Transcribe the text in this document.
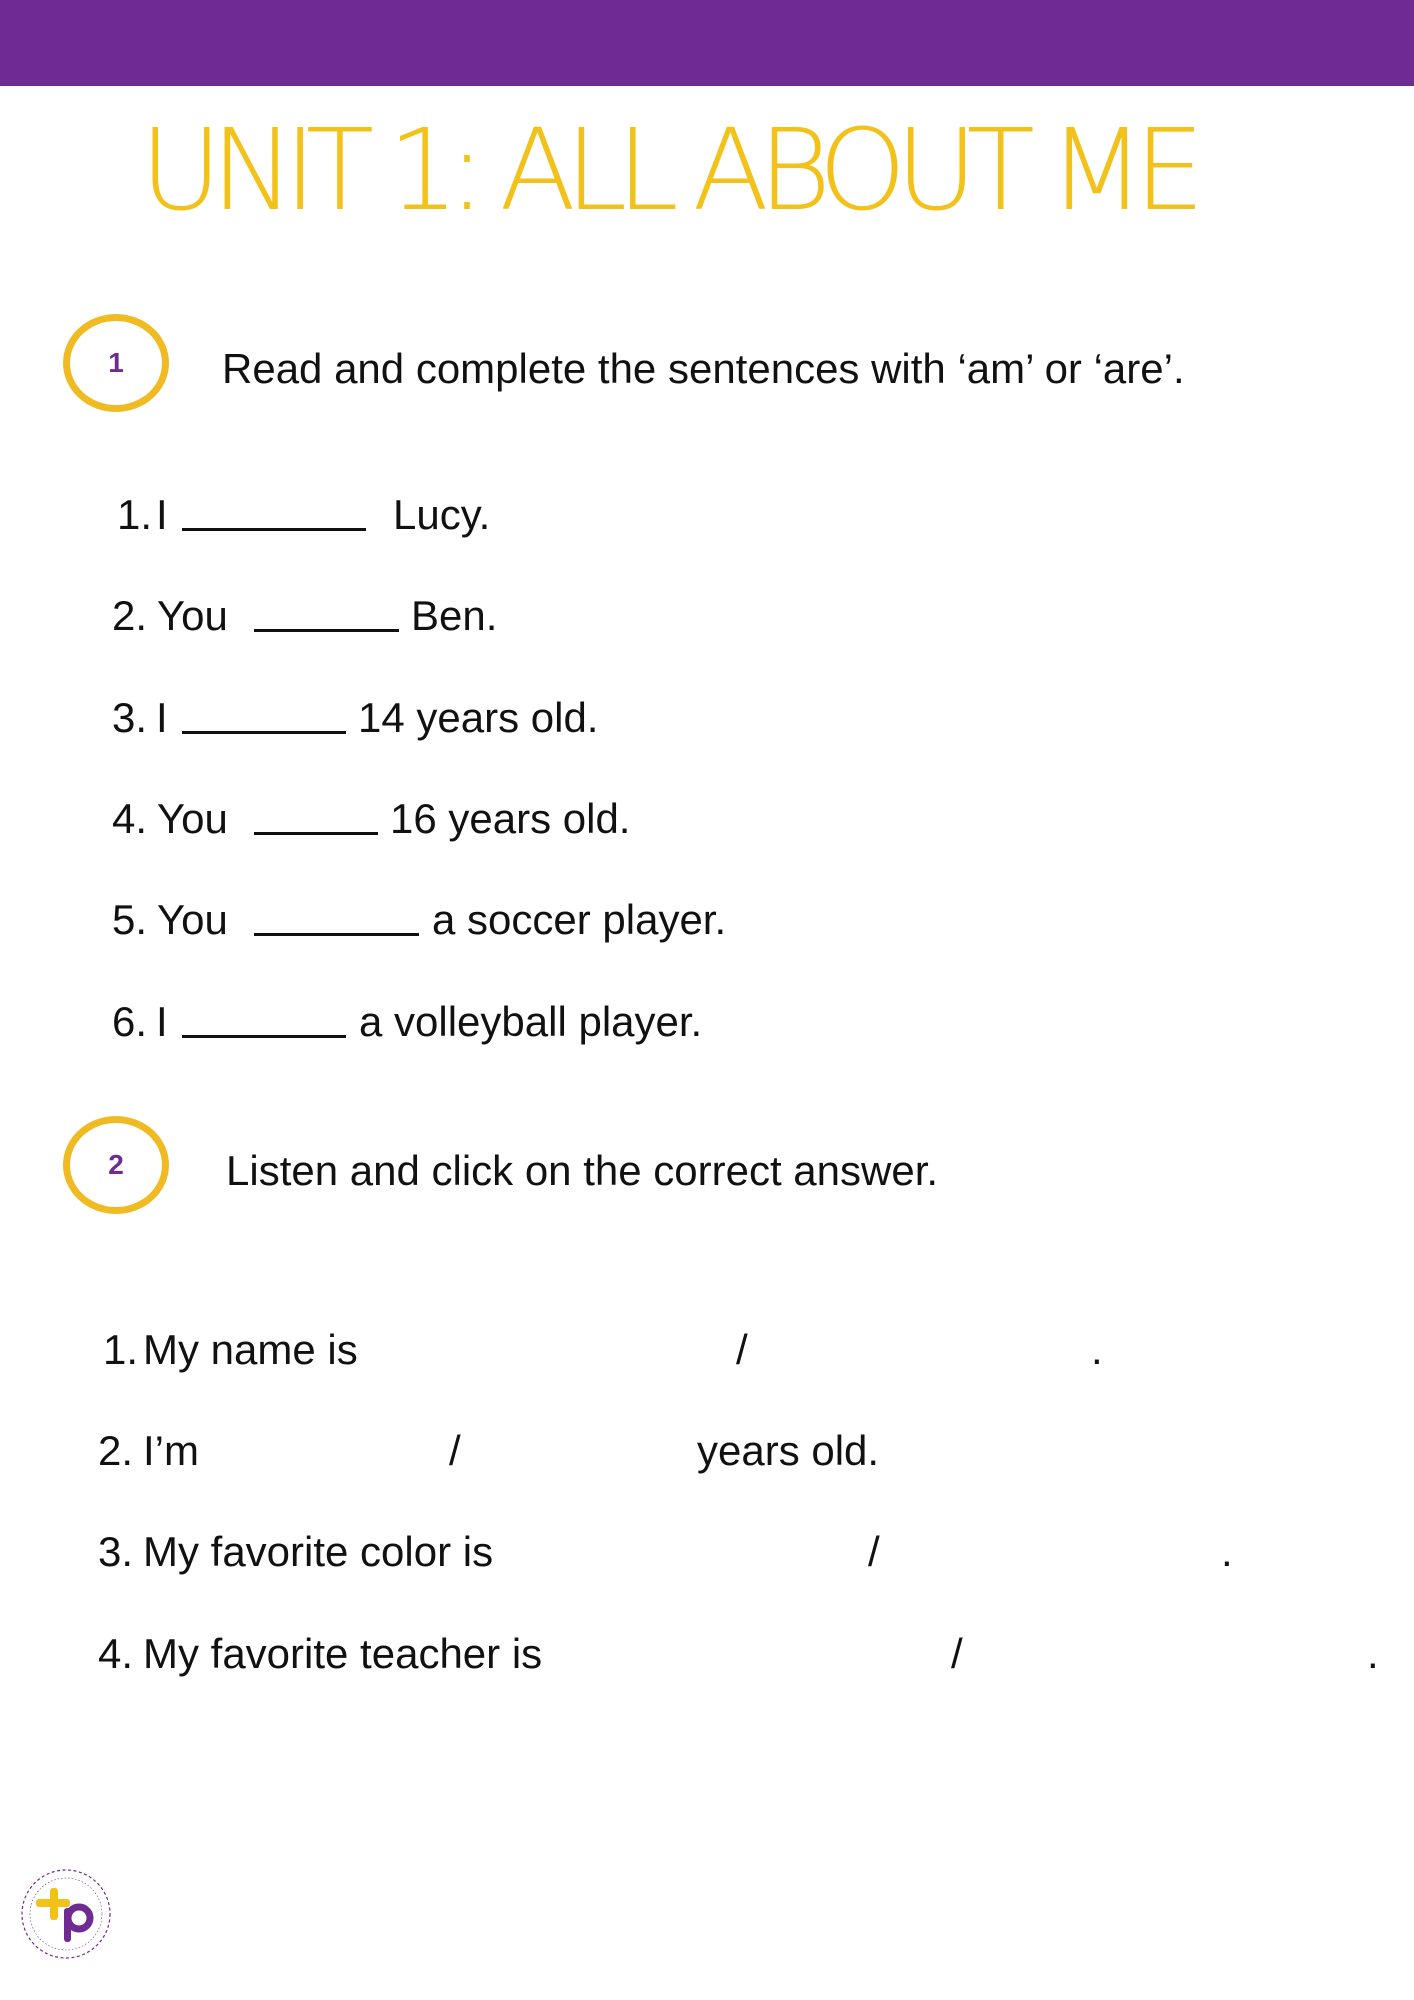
UNIT 1: ALL ABOUT ME
1 Read and complete the sentences with ‘am’ or ‘are’.
1. I	Lucy.
2. You	Ben.
3. I	14 years old.
4. You	16 years old.
5. You	a soccer player.
6. I	a volleyball player.
2 Listen and click on the correct answer.
1. My name is	/	.
2. I’m	/	years old.
3. My favorite color is	/	.
4. My favorite teacher is	/	.
